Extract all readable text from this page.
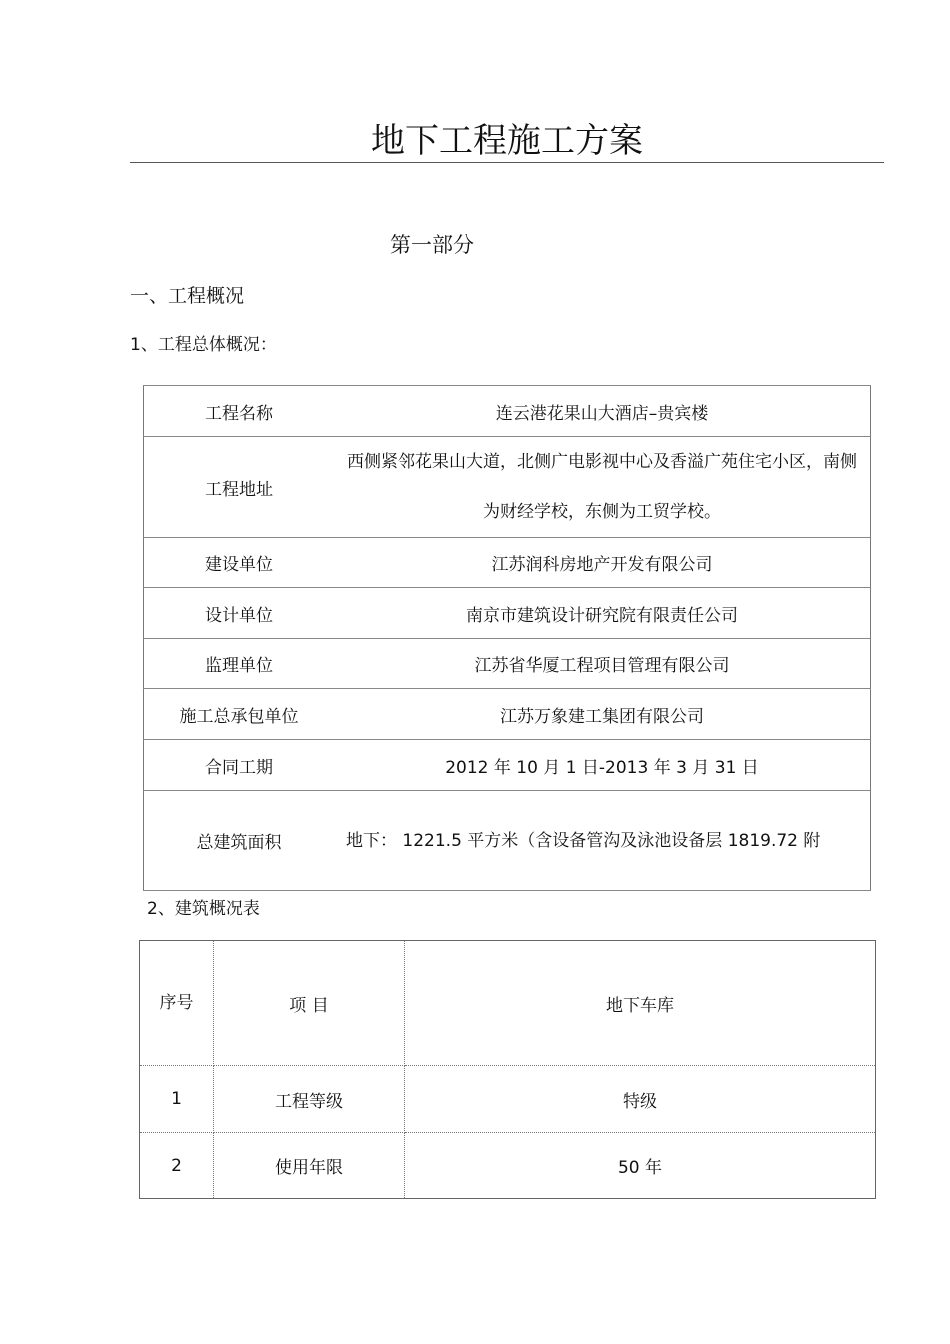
地下工程施工方案
第一部分
一、工程概况
1、工程总体概况：
工程名称	连云港花果山大酒店–贵宾楼
工程地址	西侧紧邻花果山大道，北侧广电影视中心及香溢广苑住宅小区，南侧为财经学校，东侧为工贸学校。
建设单位	江苏润科房地产开发有限公司
设计单位	南京市建筑设计研究院有限责任公司
监理单位	江苏省华厦工程项目管理有限公司
施工总承包单位	江苏万象建工集团有限公司
合同工期	2012 年 10 月 1 日-2013 年 3 月 31 日
总建筑面积	地下： 1221.5 平方米（含设备管沟及泳池设备层 1819.72 附
2、建筑概况表
序号	项 目	地下车库
1	工程等级	特级
2	使用年限	50 年
